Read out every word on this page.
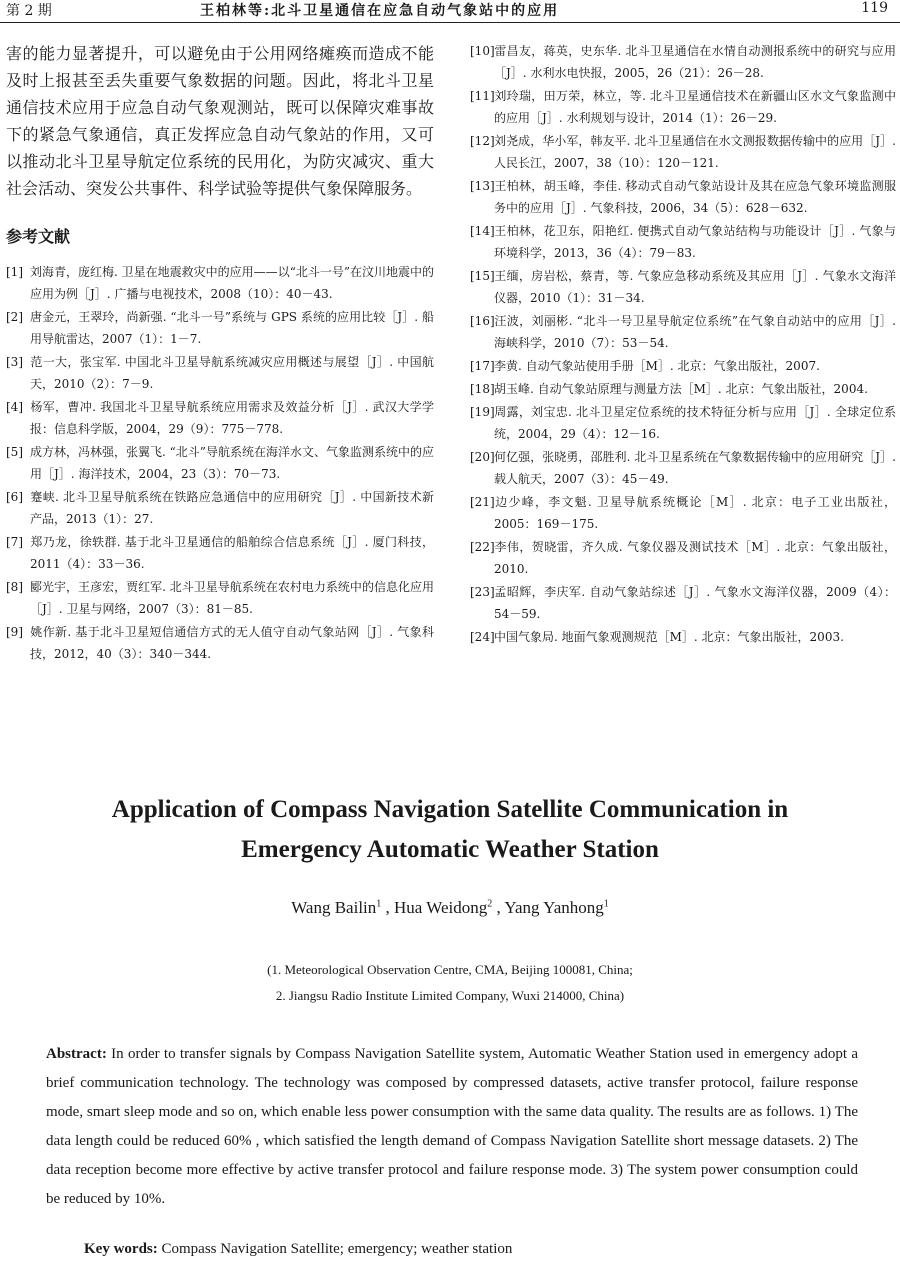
第 2 期	王柏林等:北斗卫星通信在应急自动气象站中的应用	119

害的能力显著提升，可以避免由于公用网络瘫痪而造成不能及时上报甚至丢失重要气象数据的问题。因此，将北斗卫星通信技术应用于应急自动气象观测站，既可以保障灾难事故下的紧急气象通信，真正发挥应急自动气象站的作用，又可以推动北斗卫星导航定位系统的民用化，为防灾减灾、重大社会活动、突发公共事件、科学试验等提供气象保障服务。

参考文献

[1] 刘海青，庞红梅. 卫星在地震救灾中的应用——以“北斗一号”在汶川地震中的应用为例［J］. 广播与电视技术，2008（10）：40－43.

[2] 唐金元，王翠玲，尚新强. “北斗一号”系统与 GPS 系统的应用比较［J］. 船用导航雷达，2007（1）：1－7.

[3] 范一大，张宝军. 中国北斗卫星导航系统减灾应用概述与展望［J］. 中国航天，2010（2）：7－9.

[4] 杨军，曹冲. 我国北斗卫星导航系统应用需求及效益分析［J］. 武汉大学学报：信息科学版，2004，29（9）：775－778.

[5] 成方林，冯林强，张翼飞. “北斗”导航系统在海洋水文、气象监测系统中的应用［J］. 海洋技术，2004，23（3）：70－73.

[6] 蹇峡. 北斗卫星导航系统在铁路应急通信中的应用研究［J］. 中国新技术新产品，2013（1）：27.

[7] 郑乃龙，徐轶群. 基于北斗卫星通信的船舶综合信息系统［J］. 厦门科技，2011（4）：33－36.

[8] 郾光宇，王彦宏，贾红军. 北斗卫星导航系统在农村电力系统中的信息化应用［J］. 卫星与网络，2007（3）：81－85.

[9] 姚作新. 基于北斗卫星短信通信方式的无人值守自动气象站网［J］. 气象科技，2012，40（3）：340－344.

[10]雷昌友，蒋英，史东华. 北斗卫星通信在水情自动测报系统中的研究与应用［J］. 水利水电快报，2005，26（21）：26－28.

[11]刘玲瑞，田万荣，林立，等. 北斗卫星通信技术在新疆山区水文气象监测中的应用［J］. 水利规划与设计，2014（1）：26－29.

[12]刘尧成，华小军，韩友平. 北斗卫星通信在水文测报数据传输中的应用［J］. 人民长江，2007，38（10）：120－121.

[13]王柏林，胡玉峰，李佳. 移动式自动气象站设计及其在应急气象环境监测服务中的应用［J］. 气象科技，2006，34（5）：628－632.

[14]王柏林，花卫东，阳艳红. 便携式自动气象站结构与功能设计［J］. 气象与环境科学，2013，36（4）：79－83.

[15]王缅，房岩松，蔡青，等. 气象应急移动系统及其应用［J］. 气象水文海洋仪器，2010（1）：31－34.

[16]汪波，刘丽彬. “北斗一号卫星导航定位系统”在气象自动站中的应用［J］. 海峡科学，2010（7）：53－54.

[17]李黄. 自动气象站使用手册［M］. 北京：气象出版社，2007.

[18]胡玉峰. 自动气象站原理与测量方法［M］. 北京：气象出版社，2004.

[19]周露，刘宝忠. 北斗卫星定位系统的技术特征分析与应用［J］. 全球定位系统，2004，29（4）：12－16.

[20]何亿强，张晓勇，邵胜利. 北斗卫星系统在气象数据传输中的应用研究［J］. 载人航天，2007（3）：45－49.

[21]边少峰，李文魁. 卫星导航系统概论［M］. 北京：电子工业出版社，2005：169－175.

[22]李伟，贺晓雷，齐久成. 气象仪器及测试技术［M］. 北京：气象出版社，2010.

[23]孟昭辉，李庆军. 自动气象站综述［J］. 气象水文海洋仪器，2009（4）：54－59.

[24]中国气象局. 地面气象观测规范［M］. 北京：气象出版社，2003.

Application of Compass Navigation Satellite Communication in
Emergency Automatic Weather Station
Wang Bailin$^1$ , Hua Weidong$^2$ , Yang Yanhong$^1$
(1. Meteorological Observation Centre, CMA, Beijing 100081, China;
2. Jiangsu Radio Institute Limited Company, Wuxi 214000, China)
Abstract: In order to transfer signals by Compass Navigation Satellite system, Automatic Weather Station used in emergency adopt a brief communication technology. The technology was composed by compressed datasets, active transfer protocol, failure response mode, smart sleep mode and so on, which enable less power consumption with the same data quality. The results are as follows. 1) The data length could be reduced 60% , which satisfied the length demand of Compass Navigation Satellite short message datasets. 2) The data reception become more effective by active transfer protocol and failure response mode. 3) The system power consumption could be reduced by 10%.
Key words: Compass Navigation Satellite; emergency; weather station
